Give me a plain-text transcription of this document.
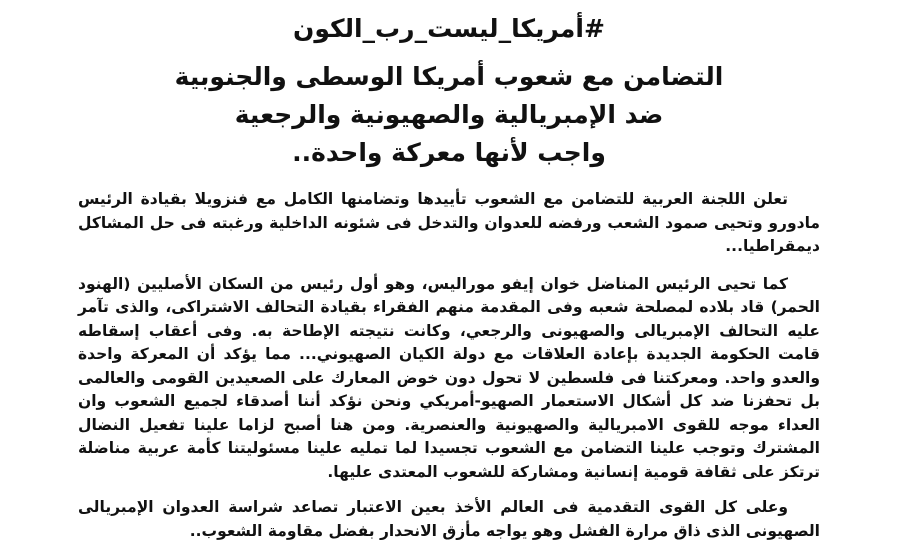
#أمريكا_ليست_رب_الكون

التضامن مع شعوب أمريكا الوسطى والجنوبية

ضد الإمبريالية والصهيونية والرجعية

واجب لأنها معركة واحدة..

تعلن اللجنة العربية للتضامن مع الشعوب تأييدها وتضامنها الكامل مع فنزويلا بقيادة الرئيس مادورو وتحيى صمود الشعب ورفضه للعدوان والتدخل فى شئونه الداخلية ورغبته فى حل المشاكل ديمقراطيا...

كما تحيى الرئيس المناضل خوان إيفو موراليس، وهو أول رئيس من السكان الأصليين (الهنود الحمر) قاد بلاده لمصلحة شعبه وفى المقدمة منهم الفقراء بقيادة التحالف الاشتراكى، والذى تآمر عليه التحالف الإمبريالى والصهيونى والرجعي، وكانت نتيجته الإطاحة به. وفى أعقاب إسقاطه قامت الحكومة الجديدة بإعادة العلاقات مع دولة الكيان الصهيوني... مما يؤكد أن المعركة واحدة والعدو واحد. ومعركتنا فى فلسطين لا تحول دون خوض المعارك على الصعيدين القومى والعالمى بل تحفزنا ضد كل أشكال الاستعمار الصهيو-أمريكي ونحن نؤكد أننا أصدقاء لجميع الشعوب وان العداء موجه للقوى الامبريالية والصهيونية والعنصرية. ومن هنا أصبح لزاما علينا تفعيل النضال المشترك وتوجب علينا التضامن مع الشعوب تجسيدا لما تمليه علينا مسئوليتنا كأمة عربية مناضلة ترتكز على ثقافة قومية إنسانية ومشاركة للشعوب المعتدى عليها.

وعلى كل القوى التقدمية فى العالم الأخذ بعين الاعتبار تصاعد شراسة العدوان الإمبريالى الصهيونى الذى ذاق مرارة الفشل وهو يواجه مأزق الانحدار بفضل مقاومة الشعوب..
